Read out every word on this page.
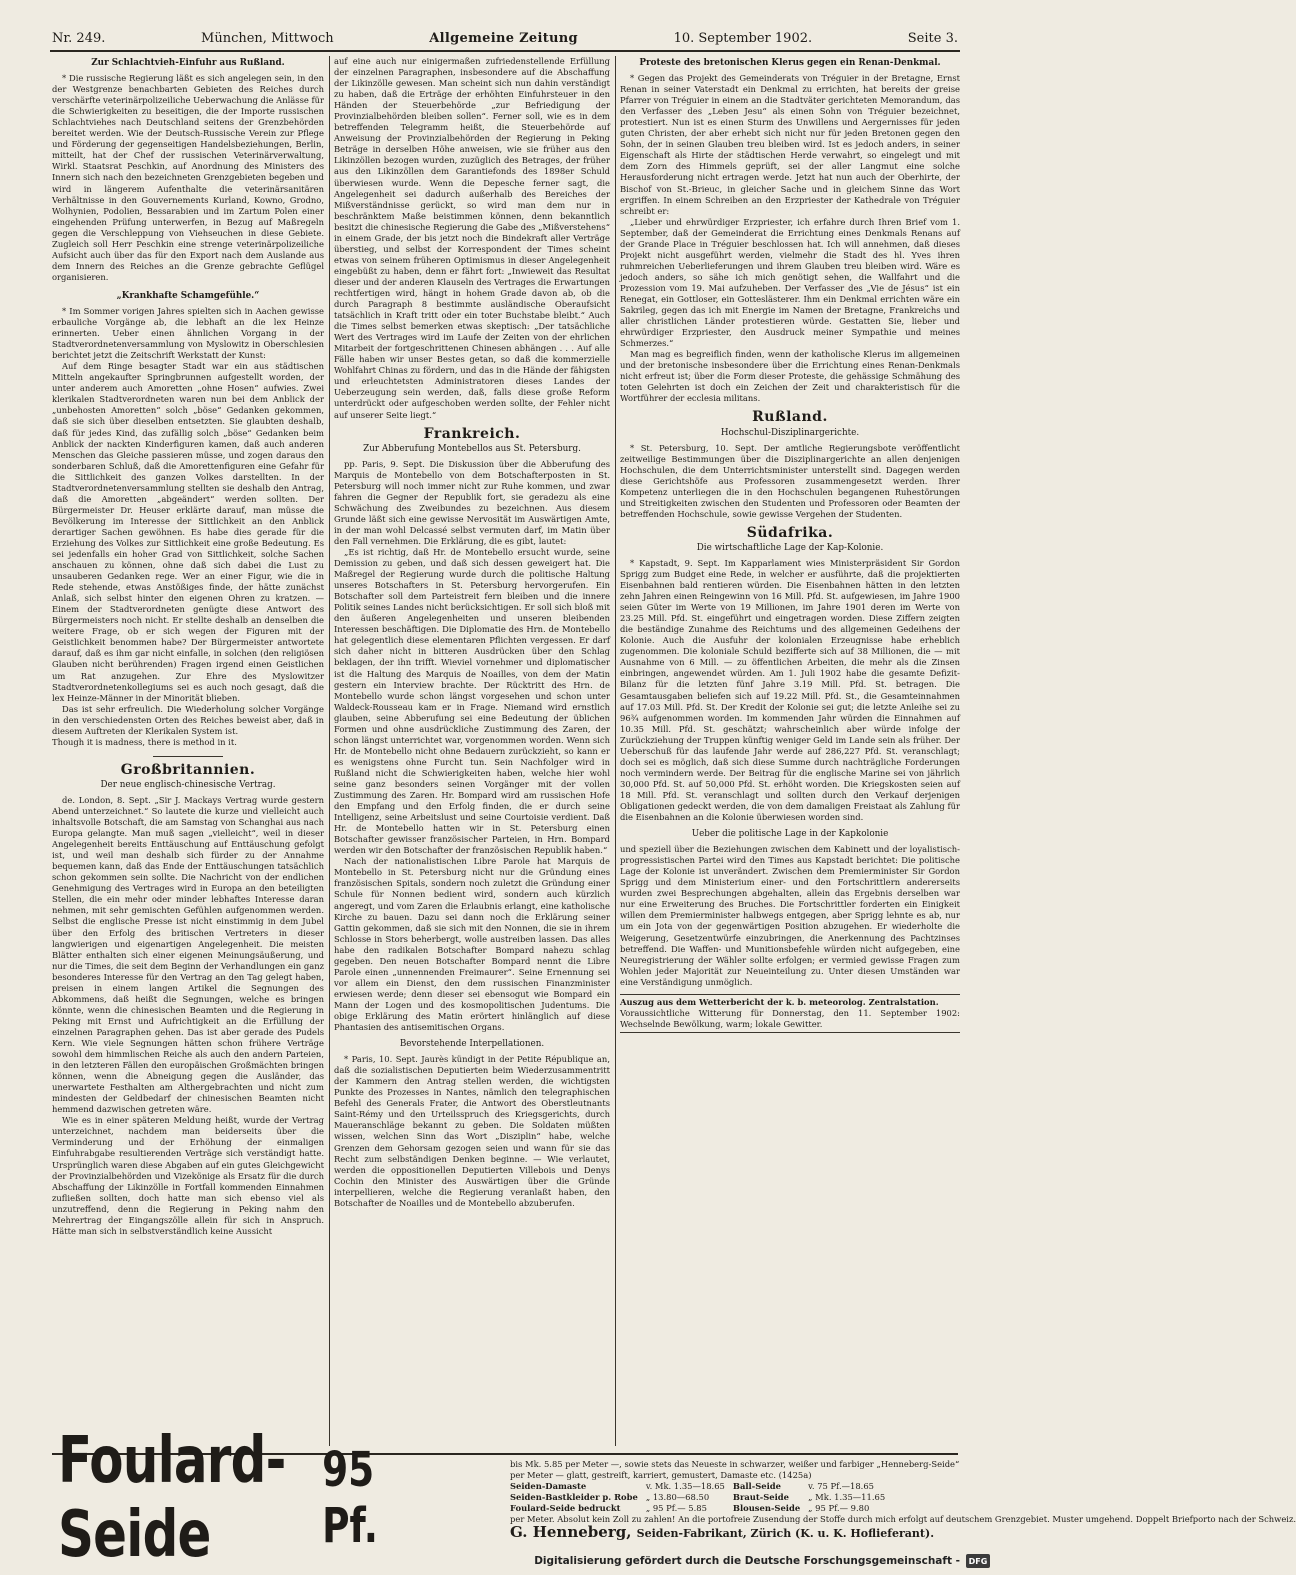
Nr. 249.	München, Mittwoch	Allgemeine Zeitung	10. September 1902.	Seite 3.
Zur Schlachtvieh-Einfuhr aus Rußland.

* Die russische Regierung läßt es sich angelegen sein, in den der Westgrenze benachbarten Gebieten des Reiches durch verschärfte veterinärpolizeiliche Ueberwachung die Anlässe für die Schwierigkeiten zu beseitigen, die der Importe russischen Schlachtviehes nach Deutschland seitens der Grenzbehörden bereitet werden. Wie der Deutsch-Russische Verein zur Pflege und Förderung der gegenseitigen Handelsbeziehungen, Berlin, mitteilt, hat der Chef der russischen Veterinärverwaltung, Wirkl. Staatsrat Peschkin, auf Anordnung des Ministers des Innern sich nach den bezeichneten Grenzgebieten begeben und wird in längerem Aufenthalte die veterinärsanitären Verhältnisse in den Gouvernements Kurland, Kowno, Grodno, Wolhynien, Podolien, Bessarabien und im Zartum Polen einer eingehenden Prüfung unterwerfen, in Bezug auf Maßregeln gegen die Verschleppung von Viehseuchen in diese Gebiete. Zugleich soll Herr Peschkin eine strenge veterinärpolizeiliche Aufsicht auch über das für den Export nach dem Auslande aus dem Innern des Reiches an die Grenze gebrachte Geflügel organisieren.

„Krankhafte Schamgefühle.“

* Im Sommer vorigen Jahres spielten sich in Aachen gewisse erbauliche Vorgänge ab, die lebhaft an die lex Heinze erinnerten. Ueber einen ähnlichen Vorgang in der Stadtverordnetenversammlung von Myslowitz in Oberschlesien berichtet jetzt die Zeitschrift Werkstatt der Kunst:

Auf dem Ringe besagter Stadt war ein aus städtischen Mitteln angekaufter Springbrunnen aufgestellt worden, der unter anderem auch Amoretten „ohne Hosen“ aufwies. Zwei klerikalen Stadtverordneten waren nun bei dem Anblick der „unbehosten Amoretten“ solch „böse“ Gedanken gekommen, daß sie sich über dieselben entsetzten. Sie glaubten deshalb, daß für jedes Kind, das zufällig solch „böse“ Gedanken beim Anblick der nackten Kinderfiguren kamen, daß auch anderen Menschen das Gleiche passieren müsse, und zogen daraus den sonderbaren Schluß, daß die Amorettenfiguren eine Gefahr für die Sittlichkeit des ganzen Volkes darstellten. In der Stadtverordnetenversammlung stellten sie deshalb den Antrag, daß die Amoretten „abgeändert“ werden sollten. Der Bürgermeister Dr. Heuser erklärte darauf, man müsse die Bevölkerung im Interesse der Sittlichkeit an den Anblick derartiger Sachen gewöhnen. Es habe dies gerade für die Erziehung des Volkes zur Sittlichkeit eine große Bedeutung. Es sei jedenfalls ein hoher Grad von Sittlichkeit, solche Sachen anschauen zu können, ohne daß sich dabei die Lust zu unsauberen Gedanken rege. Wer an einer Figur, wie die in Rede stehende, etwas Anstößiges finde, der hätte zunächst Anlaß, sich selbst hinter den eigenen Ohren zu kratzen. — Einem der Stadtverordneten genügte diese Antwort des Bürgermeisters noch nicht. Er stellte deshalb an denselben die weitere Frage, ob er sich wegen der Figuren mit der Geistlichkeit benommen habe? Der Bürgermeister antwortete darauf, daß es ihm gar nicht einfalle, in solchen (den religiösen Glauben nicht berührenden) Fragen irgend einen Geistlichen um Rat anzugehen. Zur Ehre des Myslowitzer Stadtverordnetenkollegiums sei es auch noch gesagt, daß die lex Heinze-Männer in der Minorität blieben.

Das ist sehr erfreulich. Die Wiederholung solcher Vorgänge in den verschiedensten Orten des Reiches beweist aber, daß in diesem Auftreten der Klerikalen System ist.

Though it is madness, there is method in it.

Großbritannien.
Der neue englisch-chinesische Vertrag.

de. London, 8. Sept. „Sir J. Mackays Vertrag wurde gestern Abend unterzeichnet.“ So lautete die kurze und vielleicht auch inhaltsvolle Botschaft, die am Samstag von Schanghai aus nach Europa gelangte. Man muß sagen „vielleicht“, weil in dieser Angelegenheit bereits Enttäuschung auf Enttäuschung gefolgt ist, und weil man deshalb sich fürder zu der Annahme bequemen kann, daß das Ende der Enttäuschungen tatsächlich schon gekommen sein sollte. Die Nachricht von der endlichen Genehmigung des Vertrages wird in Europa an den beteiligten Stellen, die ein mehr oder minder lebhaftes Interesse daran nehmen, mit sehr gemischten Gefühlen aufgenommen werden. Selbst die englische Presse ist nicht einstimmig in dem Jubel über den Erfolg des britischen Vertreters in dieser langwierigen und eigenartigen Angelegenheit. Die meisten Blätter enthalten sich einer eigenen Meinungsäußerung, und nur die Times, die seit dem Beginn der Verhandlungen ein ganz besonderes Interesse für den Vertrag an den Tag gelegt haben, preisen in einem langen Artikel die Segnungen des Abkommens, daß heißt die Segnungen, welche es bringen könnte, wenn die chinesischen Beamten und die Regierung in Peking mit Ernst und Aufrichtigkeit an die Erfüllung der einzelnen Paragraphen gehen. Das ist aber gerade des Pudels Kern. Wie viele Segnungen hätten schon frühere Verträge sowohl dem himmlischen Reiche als auch den andern Parteien, in den letzteren Fällen den europäischen Großmächten bringen können, wenn die Abneigung gegen die Ausländer, das unerwartete Festhalten am Althergebrachten und nicht zum mindesten der Geldbedarf der chinesischen Beamten nicht hemmend dazwischen getreten wäre.

Wie es in einer späteren Meldung heißt, wurde der Vertrag unterzeichnet, nachdem man beiderseits über die Verminderung und der Erhöhung der einmaligen Einfuhrabgabe resultierenden Verträge sich verständigt hatte. Ursprünglich waren diese Abgaben auf ein gutes Gleichgewicht der Provinzialbehörden und Vizekönige als Ersatz für die durch Abschaffung der Likinzölle in Fortfall kommenden Einnahmen zufließen sollten, doch hatte man sich ebenso viel als unzutreffend, denn die Regierung in Peking nahm den Mehrertrag der Eingangszölle allein für sich in Anspruch. Hätte man sich in selbstverständlich keine Aussicht

auf eine auch nur einigermaßen zufriedenstellende Erfüllung der einzelnen Paragraphen, insbesondere auf die Abschaffung der Likinzölle gewesen. Man scheint sich nun dahin verständigt zu haben, daß die Erträge der erhöhten Einfuhrsteuer in den Händen der Steuerbehörde „zur Befriedigung der Provinzialbehörden bleiben sollen“. Ferner soll, wie es in dem betreffenden Telegramm heißt, die Steuerbehörde auf Anweisung der Provinzialbehörden der Regierung in Peking Beträge in derselben Höhe anweisen, wie sie früher aus den Likinzöllen bezogen wurden, zuzüglich des Betrages, der früher aus den Likinzöllen dem Garantiefonds des 1898er Schuld überwiesen wurde. Wenn die Depesche ferner sagt, die Angelegenheit sei dadurch außerhalb des Bereiches der Mißverständnisse gerückt, so wird man dem nur in beschränktem Maße beistimmen können, denn bekanntlich besitzt die chinesische Regierung die Gabe des „Mißverstehens“ in einem Grade, der bis jetzt noch die Bindekraft aller Verträge überstieg, und selbst der Korrespondent der Times scheint etwas von seinem früheren Optimismus in dieser Angelegenheit eingebüßt zu haben, denn er fährt fort: „Inwieweit das Resultat dieser und der anderen Klauseln des Vertrages die Erwartungen rechtfertigen wird, hängt in hohem Grade davon ab, ob die durch Paragraph 8 bestimmte ausländische Oberaufsicht tatsächlich in Kraft tritt oder ein toter Buchstabe bleibt.“ Auch die Times selbst bemerken etwas skeptisch: „Der tatsächliche Wert des Vertrages wird im Laufe der Zeiten von der ehrlichen Mitarbeit der fortgeschrittenen Chinesen abhängen . . . Auf alle Fälle haben wir unser Bestes getan, so daß die kommerzielle Wohlfahrt Chinas zu fördern, und das in die Hände der fähigsten und erleuchtetsten Administratoren dieses Landes der Ueberzeugung sein werden, daß, falls diese große Reform unterdrückt oder aufgeschoben werden sollte, der Fehler nicht auf unserer Seite liegt.“

Frankreich.
Zur Abberufung Montebellos aus St. Petersburg.

pp. Paris, 9. Sept. Die Diskussion über die Abberufung des Marquis de Montebello von dem Botschafterposten in St. Petersburg will noch immer nicht zur Ruhe kommen, und zwar fahren die Gegner der Republik fort, sie geradezu als eine Schwächung des Zweibundes zu bezeichnen. Aus diesem Grunde läßt sich eine gewisse Nervosität im Auswärtigen Amte, in der man wohl Delcassé selbst vermuten darf, im Matin über den Fall vernehmen. Die Erklärung, die es gibt, lautet:

„Es ist richtig, daß Hr. de Montebello ersucht wurde, seine Demission zu geben, und daß sich dessen geweigert hat. Die Maßregel der Regierung wurde durch die politische Haltung unseres Botschafters in St. Petersburg hervorgerufen. Ein Botschafter soll dem Parteistreit fern bleiben und die innere Politik seines Landes nicht berücksichtigen. Er soll sich bloß mit den äußeren Angelegenheiten und unseren bleibenden Interessen beschäftigen. Die Diplomatie des Hrn. de Montebello hat gelegentlich diese elementaren Pflichten vergessen. Er darf sich daher nicht in bitteren Ausdrücken über den Schlag beklagen, der ihn trifft. Wieviel vornehmer und diplomatischer ist die Haltung des Marquis de Noailles, von dem der Matin gestern ein Interview brachte. Der Rücktritt des Hrn. de Montebello wurde schon längst vorgesehen und schon unter Waldeck-Rousseau kam er in Frage. Niemand wird ernstlich glauben, seine Abberufung sei eine Bedeutung der üblichen Formen und ohne ausdrückliche Zustimmung des Zaren, der schon längst unterrichtet war, vorgenommen worden. Wenn sich Hr. de Montebello nicht ohne Bedauern zurückzieht, so kann er es wenigstens ohne Furcht tun. Sein Nachfolger wird in Rußland nicht die Schwierigkeiten haben, welche hier wohl seine ganz besonders seinen Vorgänger mit der vollen Zustimmung des Zaren. Hr. Bompard wird am russischen Hofe den Empfang und den Erfolg finden, die er durch seine Intelligenz, seine Arbeitslust und seine Courtoisie verdient. Daß Hr. de Montebello hatten wir in St. Petersburg einen Botschafter gewisser französischer Parteien, in Hrn. Bompard werden wir den Botschafter der französischen Republik haben.“

Nach der nationalistischen Libre Parole hat Marquis de Montebello in St. Petersburg nicht nur die Gründung eines französischen Spitals, sondern noch zuletzt die Gründung einer Schule für Nonnen bedient wird, sondern auch kürzlich angeregt, und vom Zaren die Erlaubnis erlangt, eine katholische Kirche zu bauen. Dazu sei dann noch die Erklärung seiner Gattin gekommen, daß sie sich mit den Nonnen, die sie in ihrem Schlosse in Stors beherbergt, wolle austreiben lassen. Das alles habe den radikalen Botschafter Bompard nahezu schlag gegeben. Den neuen Botschafter Bompard nennt die Libre Parole einen „unnennenden Freimaurer“. Seine Ernennung sei vor allem ein Dienst, den dem russischen Finanzminister erwiesen werde; denn dieser sei ebensogut wie Bompard ein Mann der Logen und des kosmopolitischen Judentums. Die obige Erklärung des Matin erörtert hinlänglich auf diese Phantasien des antisemitischen Organs.

Bevorstehende Interpellationen.

* Paris, 10. Sept. Jaurès kündigt in der Petite République an, daß die sozialistischen Deputierten beim Wiederzusammentritt der Kammern den Antrag stellen werden, die wichtigsten Punkte des Prozesses in Nantes, nämlich den telegraphischen Befehl des Generals Frater, die Antwort des Oberstleutnants Saint-Rémy und den Urteilsspruch des Kriegsgerichts, durch Maueranschläge bekannt zu geben. Die Soldaten müßten wissen, welchen Sinn das Wort „Disziplin“ habe, welche Grenzen dem Gehorsam gezogen seien und wann für sie das Recht zum selbständigen Denken beginne. — Wie verlautet, werden die oppositionellen Deputierten Villebois und Denys Cochin den Minister des Auswärtigen über die Gründe interpellieren, welche die Regierung veranlaßt haben, den Botschafter de Noailles und de Montebello abzuberufen.

Proteste des bretonischen Klerus gegen ein Renan-Denkmal.

* Gegen das Projekt des Gemeinderats von Tréguier in der Bretagne, Ernst Renan in seiner Vaterstadt ein Denkmal zu errichten, hat bereits der greise Pfarrer von Tréguier in einem an die Stadtväter gerichteten Memorandum, das den Verfasser des „Leben Jesu“ als einen Sohn von Tréguier bezeichnet, protestiert. Nun ist es einen Sturm des Unwillens und Aergernisses für jeden guten Christen, der aber erhebt sich nicht nur für jeden Bretonen gegen den Sohn, der in seinen Glauben treu bleiben wird. Ist es jedoch anders, in seiner Eigenschaft als Hirte der städtischen Herde verwahrt, so eingelegt und mit dem Zorn des Himmels geprüft, sei der aller Langmut eine solche Herausforderung nicht ertragen werde. Jetzt hat nun auch der Oberhirte, der Bischof von St.-Brieuc, in gleicher Sache und in gleichem Sinne das Wort ergriffen. In einem Schreiben an den Erzpriester der Kathedrale von Tréguier schreibt er:

„Lieber und ehrwürdiger Erzpriester, ich erfahre durch Ihren Brief vom 1. September, daß der Gemeinderat die Errichtung eines Denkmals Renans auf der Grande Place in Tréguier beschlossen hat. Ich will annehmen, daß dieses Projekt nicht ausgeführt werden, vielmehr die Stadt des hl. Yves ihren ruhmreichen Ueberlieferungen und ihrem Glauben treu bleiben wird. Wäre es jedoch anders, so sähe ich mich genötigt sehen, die Wallfahrt und die Prozession vom 19. Mai aufzuheben. Der Verfasser des „Vie de Jésus“ ist ein Renegat, ein Gottloser, ein Gotteslästerer. Ihm ein Denkmal errichten wäre ein Sakrileg, gegen das ich mit Energie im Namen der Bretagne, Frankreichs und aller christlichen Länder protestieren würde. Gestatten Sie, lieber und ehrwürdiger Erzpriester, den Ausdruck meiner Sympathie und meines Schmerzes.“

Man mag es begreiflich finden, wenn der katholische Klerus im allgemeinen und der bretonische insbesondere über die Errichtung eines Renan-Denkmals nicht erfreut ist; über die Form dieser Proteste, die gehässige Schmähung des toten Gelehrten ist doch ein Zeichen der Zeit und charakteristisch für die Wortführer der ecclesia militans.

Rußland.
Hochschul-Disziplinargerichte.

* St. Petersburg, 10. Sept. Der amtliche Regierungsbote veröffentlicht zeitweilige Bestimmungen über die Disziplinargerichte an allen denjenigen Hochschulen, die dem Unterrichtsminister unterstellt sind. Dagegen werden diese Gerichtshöfe aus Professoren zusammengesetzt werden. Ihrer Kompetenz unterliegen die in den Hochschulen begangenen Ruhestörungen und Streitigkeiten zwischen den Studenten und Professoren oder Beamten der betreffenden Hochschule, sowie gewisse Vergehen der Studenten.

Südafrika.
Die wirtschaftliche Lage der Kap-Kolonie.

* Kapstadt, 9. Sept. Im Kapparlament wies Ministerpräsident Sir Gordon Sprigg zum Budget eine Rede, in welcher er ausführte, daß die projektierten Eisenbahnen bald rentieren würden. Die Eisenbahnen hätten in den letzten zehn Jahren einen Reingewinn von 16 Mill. Pfd. St. aufgewiesen, im Jahre 1900 seien Güter im Werte von 19 Millionen, im Jahre 1901 deren im Werte von 23.25 Mill. Pfd. St. eingeführt und eingetragen worden. Diese Ziffern zeigten die beständige Zunahme des Reichtums und des allgemeinen Gedeihens der Kolonie. Auch die Ausfuhr der kolonialen Erzeugnisse habe erheblich zugenommen. Die koloniale Schuld bezifferte sich auf 38 Millionen, die — mit Ausnahme von 6 Mill. — zu öffentlichen Arbeiten, die mehr als die Zinsen einbringen, angewendet würden. Am 1. Juli 1902 habe die gesamte Defizit-Bilanz für die letzten fünf Jahre 3.19 Mill. Pfd. St. betragen. Die Gesamtausgaben beliefen sich auf 19.22 Mill. Pfd. St., die Gesamteinnahmen auf 17.03 Mill. Pfd. St. Der Kredit der Kolonie sei gut; die letzte Anleihe sei zu 96¾ aufgenommen worden. Im kommenden Jahr würden die Einnahmen auf 10.35 Mill. Pfd. St. geschätzt; wahrscheinlich aber würde infolge der Zurückziehung der Truppen künftig weniger Geld im Lande sein als früher. Der Ueberschuß für das laufende Jahr werde auf 286,227 Pfd. St. veranschlagt; doch sei es möglich, daß sich diese Summe durch nachträgliche Forderungen noch vermindern werde. Der Beitrag für die englische Marine sei von jährlich 30,000 Pfd. St. auf 50,000 Pfd. St. erhöht worden. Die Kriegskosten seien auf 18 Mill. Pfd. St. veranschlagt und sollten durch den Verkauf derjenigen Obligationen gedeckt werden, die von dem damaligen Freistaat als Zahlung für die Eisenbahnen an die Kolonie überwiesen worden sind.

Ueber die politische Lage in der Kapkolonie

und speziell über die Beziehungen zwischen dem Kabinett und der loyalistisch-progressistischen Partei wird den Times aus Kapstadt berichtet: Die politische Lage der Kolonie ist unverändert. Zwischen dem Premierminister Sir Gordon Sprigg und dem Ministerium einer- und den Fortschrittlern andererseits wurden zwei Besprechungen abgehalten, allein das Ergebnis derselben war nur eine Erweiterung des Bruches. Die Fortschrittler forderten ein Einigkeit willen dem Premierminister halbwegs entgegen, aber Sprigg lehnte es ab, nur um ein Jota von der gegenwärtigen Position abzugehen. Er wiederholte die Weigerung, Gesetzentwürfe einzubringen, die Anerkennung des Pachtzinses betreffend. Die Waffen- und Munitionsbefehle würden nicht aufgegeben, eine Neuregistrierung der Wähler sollte erfolgen; er vermied gewisse Fragen zum Wohlen jeder Majorität zur Neueinteilung zu. Unter diesen Umständen war eine Verständigung unmöglich.

Auszug aus dem Wetterbericht der k. b. meteorolog. Zentralstation.

Voraussichtliche Witterung für Donnerstag, den 11. September 1902: Wechselnde Bewölkung, warm; lokale Gewitter.

Foulard-Seide
95 Pf.
bis Mk. 5.85 per Meter —, sowie stets das Neueste in schwarzer, weißer und farbiger „Henneberg-Seide“
per Meter — glatt, gestreift, karriert, gemustert, Damaste etc. (1425a)
Seiden-Damaste	v. Mk. 1.35—18.65	Ball-Seide	v. 75 Pf.—18.65
Seiden-Bastkleider p. Robe	„ 13.80—68.50	Braut-Seide	„ Mk. 1.35—11.65
Foulard-Seide bedruckt	„ 95 Pf.— 5.85	Blousen-Seide	„ 95 Pf.— 9.80
per Meter. Absolut kein Zoll zu zahlen! An die portofreie Zusendung der Stoffe durch mich erfolgt auf deutschem Grenzgebiet. Muster umgehend. Doppelt Briefporto nach der Schweiz.
G. Henneberg, Seiden-Fabrikant, Zürich (K. u. K. Hoflieferant).
Digitalisierung gefördert durch die Deutsche Forschungsgemeinschaft -	DFG
